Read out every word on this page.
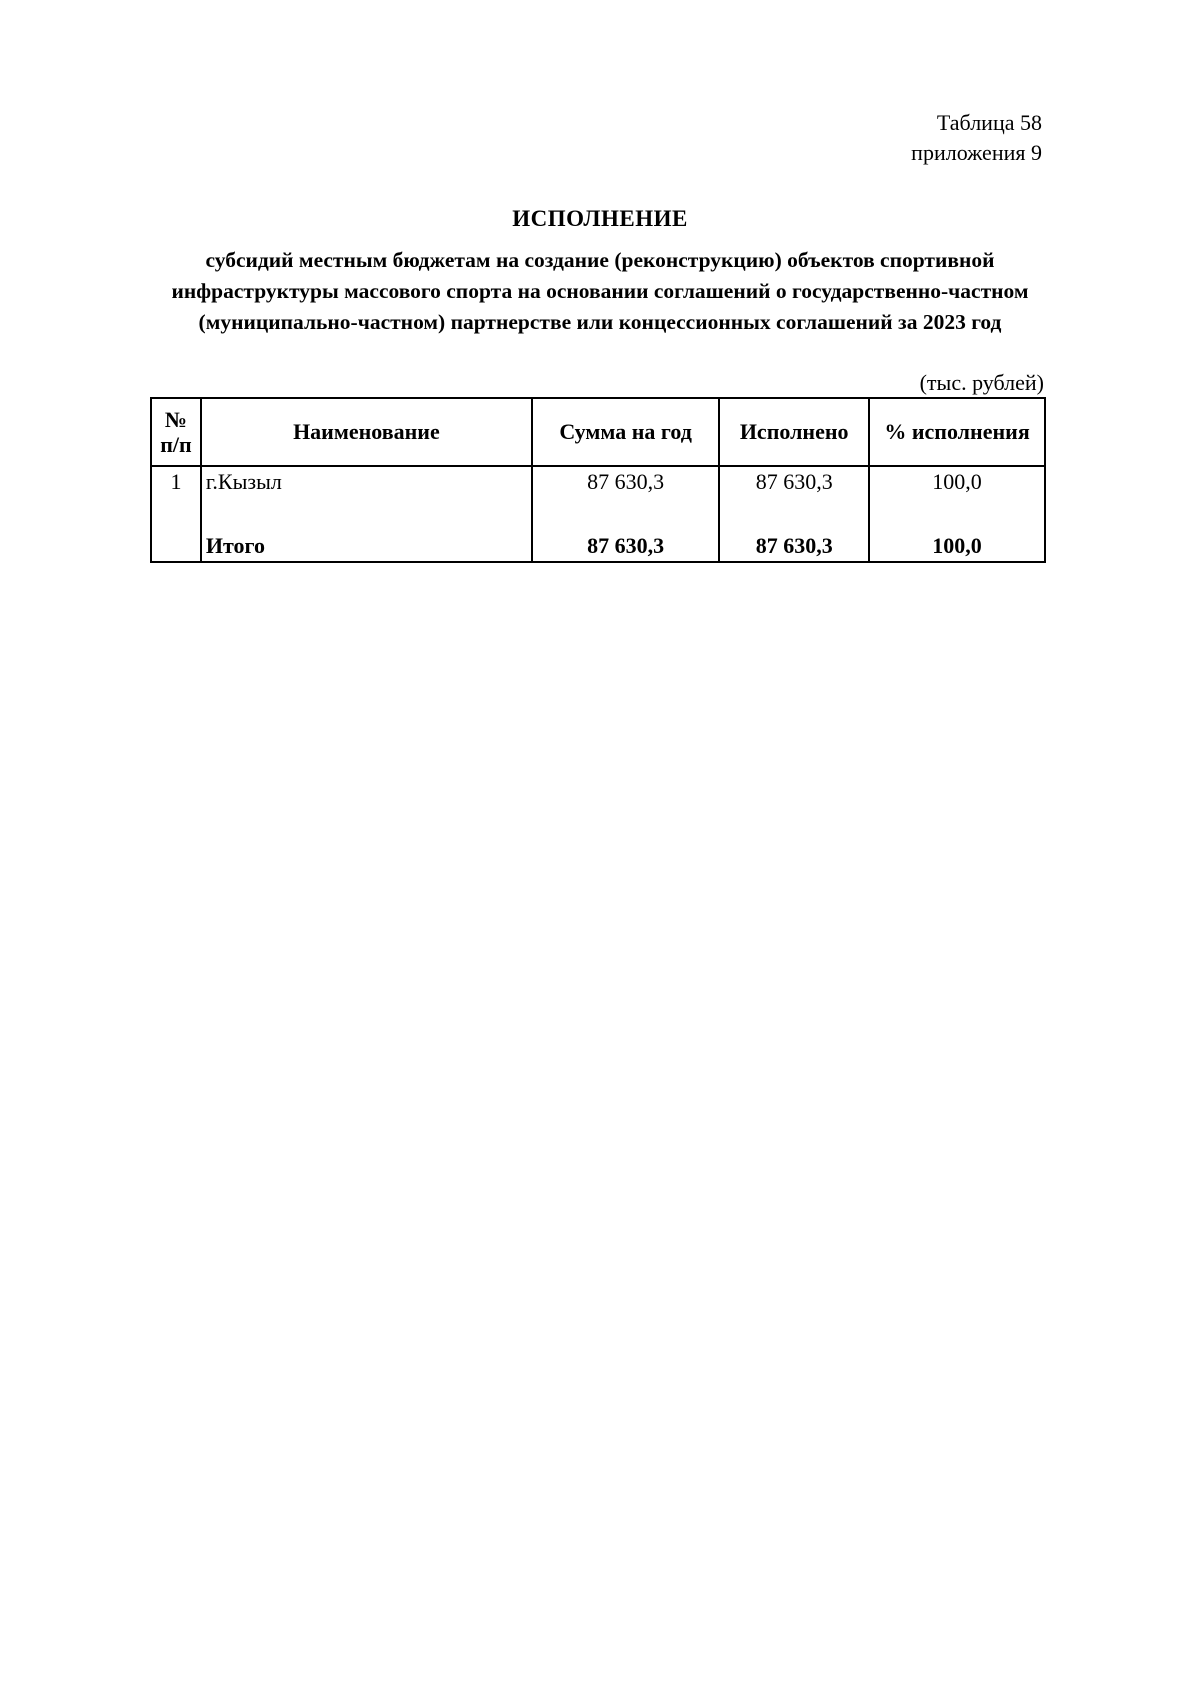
Таблица 58
приложения 9
ИСПОЛНЕНИЕ
субсидий местным бюджетам на создание (реконструкцию) объектов спортивной инфраструктуры массового спорта на основании соглашений о государственно-частном (муниципально-частном) партнерстве или концессионных соглашений за 2023 год
(тыс. рублей)
№
п/п	Наименование	Сумма на год	Исполнено	% исполнения
1	г.Кызыл	87 630,3	87 630,3	100,0
	Итого	87 630,3	87 630,3	100,0
